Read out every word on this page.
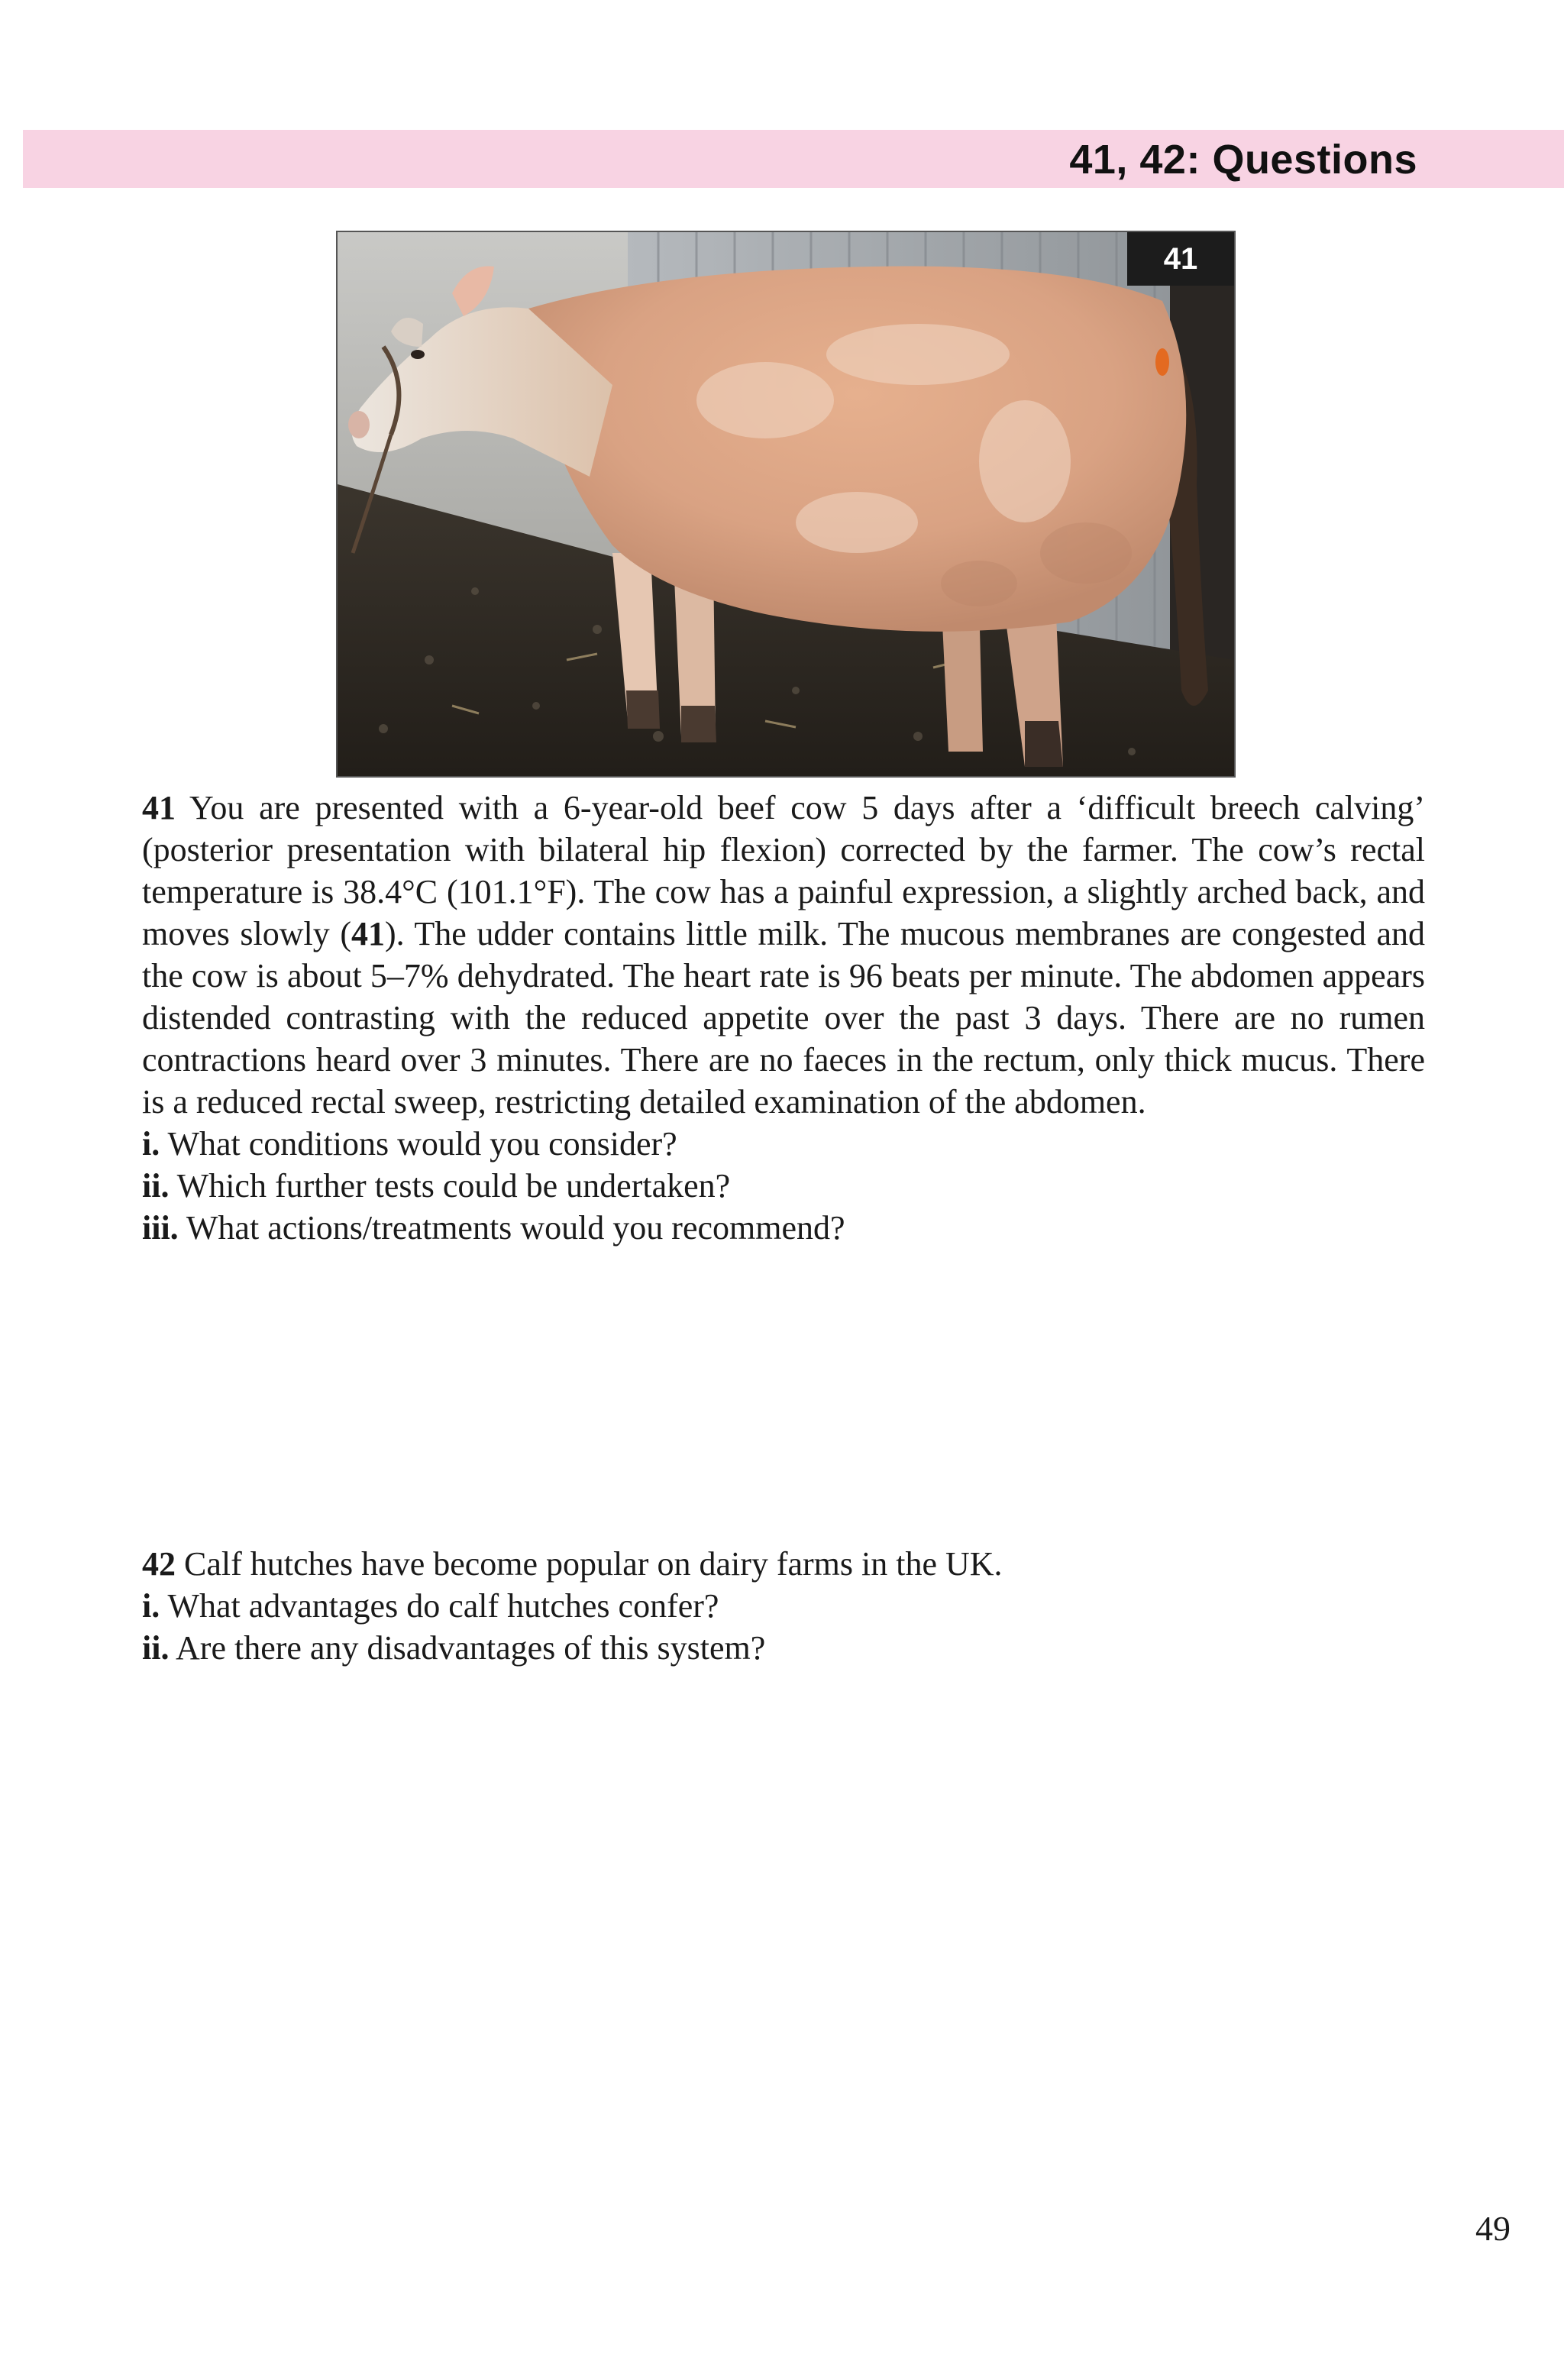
41, 42: Questions
41

41 You are presented with a 6-year-old beef cow 5 days after a ‘difficult breech calving’ (posterior presentation with bilateral hip flexion) corrected by the farmer. The cow’s rectal temperature is 38.4°C (101.1°F). The cow has a painful expression, a slightly arched back, and moves slowly (41). The udder contains little milk. The mucous membranes are congested and the cow is about 5–7% dehydrated. The heart rate is 96 beats per minute. The abdomen appears distended contrasting with the reduced appetite over the past 3 days. There are no rumen contractions heard over 3 minutes. There are no faeces in the rectum, only thick mucus. There is a reduced rectal sweep, restricting detailed examination of the abdomen.

i. What conditions would you consider?

ii. Which further tests could be undertaken?

iii. What actions/treatments would you recommend?

42 Calf hutches have become popular on dairy farms in the UK.

i. What advantages do calf hutches confer?

ii. Are there any disadvantages of this system?

49
